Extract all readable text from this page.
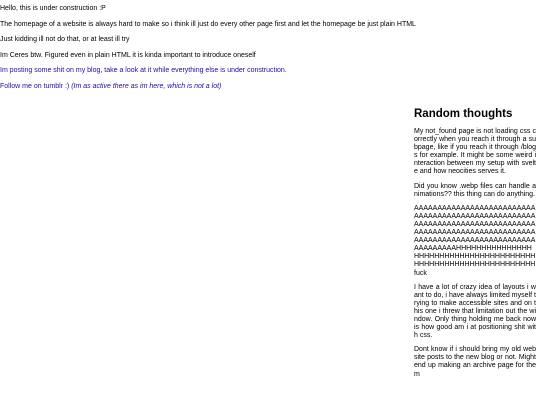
Hello, this is under construction :P

The homepage of a website is always hard to make so i think ill just do every other page first and let the homepage be just plain HTML

Just kidding ill not do that, or at least ill try

Im Ceres btw. Figured even in plain HTML it is kinda important to introduce oneself

Im posting some shit on my blog, take a look at it while everything else is under construction.

Follow me on tumblr :) (Im as active there as im here, which is not a lot)

Random thoughts

My not_found page is not loading css correctly when you reach it through a subpage, like if you reach it through /blogs for example. It might be some weird interaction between my setup with svelte and how neocities serves it.

Did you know .webp files can handle animations?? this thing can do anything.

AAAAAAAAAAAAAAAAAAAAAAAAAAAAAAAAAAAAAAAAAAAAAAAAAAAAAAAAAAAAAAAAAAAAAAAAAAAAAAAAAAAAAAAAAAAAAAAAAAAAAAAAAAAAAAAAAAAAAAAAAAAAAAAAAAAAAAAAAAAHHHHHHHHHHHHHHHHHHHHHHHHHHHHHHHHHHHHHHHHHHHHHHHHHHHHHHHHHHHHHHH fuck

I have a lot of crazy idea of layouts i want to do, i have always limited myself trying to make accessible sites and on this one i threw that limitation out the window. Only thing holding me back now is how good am i at positioning shit with css.

Dont know if i should bring my old website posts to the new blog or not. Might end up making an archive page for them
